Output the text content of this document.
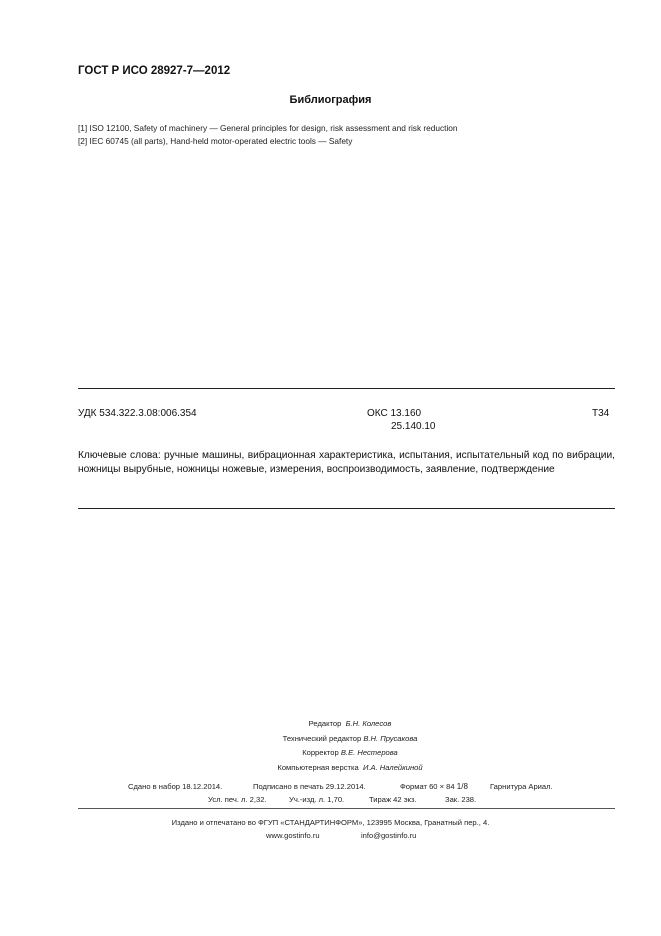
ГОСТ Р ИСО 28927-7—2012
Библиография
[1] ISO 12100, Safety of machinery — General principles for design, risk assessment and risk reduction
[2] IEC 60745 (all parts), Hand-held motor-operated electric tools — Safety
УДК 534.322.3.08:006.354	ОКС 13.160
25.140.10
Т34
Ключевые слова: ручные машины, вибрационная характеристика, испытания, испытательный код по вибрации, ножницы вырубные, ножницы ножевые, измерения, воспроизводимость, заявление, подтверждение
Редактор Б.Н. Колесов
Технический редактор В.Н. Прусакова
Корректор В.Е. Нестерова
Компьютерная верстка И.А. Налейкиной
Сдано в набор 18.12.2014.	Подписано в печать 29.12.2014.	Формат 60 × 84 1/8	Гарнитура Ариал.
Усл. печ. л. 2,32.	Уч.-изд. л. 1,70.	Тираж 42 экз.	Зак. 238.
Издано и отпечатано во ФГУП «СТАНДАРТИНФОРМ», 123995 Москва, Гранатный пер., 4.
www.gostinfo.ru	info@gostinfo.ru
